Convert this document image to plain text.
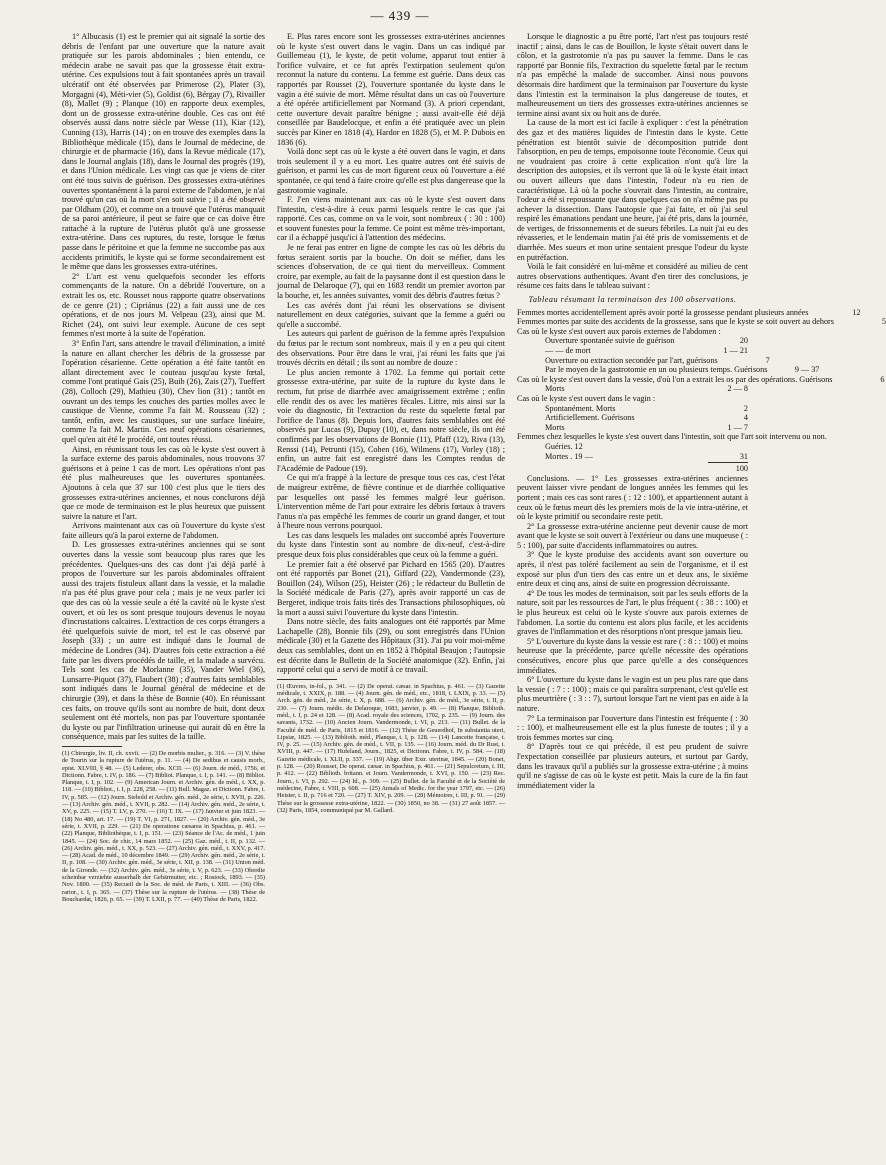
— 439 —

1° Albucasis (1) est le premier qui ait signalé la sortie des débris de l'enfant par une ouverture que la nature avait pratiquée sur les parois abdominales ; bien entendu, ce médecin arabe ne savait pas que la grossesse était extra-utérine. Ces expulsions tout à fait spontanées après un travail ulcératif ont été observées par Primerose (2), Plater (3), Morgagni (4), Méti-vier (5), Goldist (6), Bérgay (7), Rivailler (8), Mallet (9) ; Planque (10) en rapporte deux exemples, dont un de grossesse extra-utérine double. Ces cas ont été observés aussi dans notre siècle par Wesse (11), Kiar (12), Cunning (13), Harris (14) ; on en trouve des exemples dans la Bibliothèque médicale (15), dans le Journal de médecine, de chirurgie et de pharmacie (16), dans la Revue médicale (17), dans le Journal anglais (18), dans le Journal des progrès (19), et dans l'Union médicale. Les vingt cas que je viens de citer ont été tous suivis de guérison. Des grossesses extra-utérines ouvertes spontanément à la paroi externe de l'abdomen, je n'ai trouvé qu'un cas où la mort s'en soit suivie ; il a été observé par Oldham (20), et comme on a trouvé que l'utérus manquait de sa paroi antérieure, il peut se faire que ce cas doive être rattaché à la rupture de l'utérus plutôt qu'à une grossesse extra-utérine. Dans ces ruptures, du reste, lorsque le fœtus passe dans le péritoine et que la femme ne succombe pas aux accidents primitifs, le kyste qui se forme secondairement est le même que dans les grossesses extra-utérines.

2° L'art est venu quelquefois seconder les efforts commençants de la nature. On a débridé l'ouverture, on a extrait les os, etc. Rousset nous rapporte quatre observations de ce genre (21) ; Cipriánus (22) a fait aussi une de ces opérations, et de nos jours M. Velpeau (23), ainsi que M. Richet (24), ont suivi leur exemple. Aucune de ces sept femmes n'est morte à la suite de l'opération.

3° Enfin l'art, sans attendre le travail d'élimination, a imité la nature en allant chercher les débris de la grossesse par l'opération césarienne. Cette opération a été faite tantôt en allant directement avec le couteau jusqu'au kyste fœtal, comme l'ont pratiqué Gais (25), Buib (26), Zais (27), Tueffert (28), Colloch (29), Mathieu (30), Chev lion (31) ; tantôt en ouvrant un des temps les couches des parties molles avec le caustique de Vienne, comme l'a fait M. Rousseau (32) ; tantôt, enfin, avec les caustiques, sur une surface linéaire, comme l'a fait M. Martin. Ces neuf opérations césariennes, quel qu'en ait été le procédé, ont toutes réussi.

Ainsi, en réunissant tous les cas où le kyste s'est ouvert à la surface externe des parois abdominales, nous trouvons 37 guérisons et à peine 1 cas de mort. Les opérations n'ont pas été plus malheureuses que les ouvertures spontanées. Ajoutons à cela que 37 sur 100 c'est plus que le tiers des grossesses extra-utérines anciennes, et nous conclurons déjà que ce mode de terminaison est le plus heureux que puissent suivre la nature et l'art.

Arrivons maintenant aux cas où l'ouverture du kyste s'est faite ailleurs qu'à la paroi externe de l'abdomen.

D. Les grossesses extra-utérines anciennes qui se sont ouvertes dans la vessie sont beaucoup plus rares que les précédentes. Quelques-uns des cas dont j'ai déjà parlé à propos de l'ouverture sur les parois abdominales offraient aussi des trajets fistuleux allant dans la vessie, et la maladie n'a pas été plus grave pour cela ; mais je ne veux parler ici que des cas où la vessie seule a été la cavité où le kyste s'est ouvert, et où les os sont presque toujours devenus le noyau d'incrustations calcaires. L'extraction de ces corps étrangers a été quelquefois suivie de mort, tel est le cas observé par Joseph (33) ; un autre est indiqué dans le Journal de médecine de Londres (34). D'autres fois cette extraction a été faite par les divers procédés de taille, et la malade a survécu. Tels sont les cas de Morlanne (35), Vander Wiel (36), Lunsarre-Piquot (37), Flaubert (38) ; d'autres faits semblables sont indiqués dans le Journal général de médecine et de chirurgie (39), et dans la thèse de Bonnie (40). En réunissant ces faits, on trouve qu'ils sont au nombre de huit, dont deux seulement ont été mortels, non pas par l'ouverture spontanée du kyste ou par l'infiltration urineuse qui aurait dû en être la conséquence, mais par les suites de la taille.

(1) Chirurgie, liv. II, ch. xxvii. — (2) De morbis mulier., p. 316. — (3) V. thèse de Tourin sur la rupture de l'utérus, p. 11. — (4) De sedibus et causis morb., epist. XLVIII, § 48. — (5) Lederer, obs. XCII. — (6) Journ. de méd., 1756, et Dictionn. Fabre, t. IV, p. 186. — (7) Bibliot. Planque, t. I, p. 141. — (8) Bibliot. Planque, t. I, p. 102. — (9) American Journ. et Archiv. gén. de méd., t. XX, p. 118. — (10) Bibliot., t. I, p. 228, 258. — (11) Bull. Magaz. et Dictionn. Fabre, t. IV, p. 585. — (12) Journ. Siebold et Archiv. gén. méd., 2e série, t. XVII, p. 226. — (13) Archiv. gén. méd., t. XVII, p. 282. — (14) Archiv. gén. méd., 2e série, t. XV, p. 225. — (15) T. LV, p. 270. — (16) T. IX. — (17) Janvier et juin 1823. — (18) No 480, art. 17. — (19) T. VI, p. 271, 1827. — (20) Archiv. gén. méd., 3e série, t. XVII, p. 229. — (21) De operatione cæsarea in Spachius, p. 461. — (22) Planque, Bibliothèque, t. I, p. 151. — (23) Séance de l'Ac. de méd., 1 juin 1845. — (24) Soc. de chir., 14 mars 1852. — (25) Gaz. méd., t. II, p. 132. — (26) Archiv. gén. méd., t. XX, p. 523. — (27) Archiv. gén. méd., t. XXV, p. 417. — (28) Acad. de méd., 10 décembre 1849. — (29) Archiv. gén. méd., 2e série, t. II, p. 108. — (30) Archiv. gén. méd., 3e série, t. XII, p. 138. — (31) Union méd. de la Gironde. — (32) Archiv. gén. méd., 3e série, t. V, p. 623. — (33) Oberdie scheinbar verziehte ausserhalb der Gebärmutter, etc. ; Rostock, 1893. — (35) Nov. 1800. — (35) Recueil de la Soc. de méd. de Paris, t. XIII. — (36) Obs. rarior., t. I, p. 365. — (37) Thèse sur la rupture de l'utérus. — (38) Thèse de Bouchardat, 1826, p. 65. — (39) T. LXII, p. 77. — (40) Thèse de Paris, 1822.

E. Plus rares encore sont les grossesses extra-utérines anciennes où le kyste s'est ouvert dans le vagin. Dans un cas indiqué par Guillemeau (1), le kyste, de petit volume, apparut tout entier à l'orifice vulvaire, et ce fut après l'extirpation seulement qu'on reconnut la nature du contenu. La femme est guérie. Dans deux cas rapportés par Rousset (2), l'ouverture spontanée du kyste dans le vagin a été suivie de mort. Même résultat dans un cas où l'ouverture a été opérée artificiellement par Normand (3). A priori cependant, cette ouverture devait paraître bénigne ; aussi avait-elle été déjà conseillée par Baudelocque, et enfin a été pratiquée avec un plein succès par Kiner en 1818 (4), Hardor en 1828 (5), et M. P. Dubois en 1836 (6).

Voilà donc sept cas où le kyste a été ouvert dans le vagin, et dans trois seulement il y a eu mort. Les quatre autres ont été suivis de guérison, et parmi les cas de mort figurent ceux où l'ouverture a été spontanée, ce qui tend à faire croire qu'elle est plus dangereuse que la gastrotomie vaginale.

F. J'en viens maintenant aux cas où le kyste s'est ouvert dans l'intestin, c'est-à-dire à ceux parmi lesquels rentre le cas que j'ai rapporté. Ces cas, comme on va le voir, sont nombreux ( : 30 : 100) et souvent funestes pour la femme. Ce point est même très-important, car il a échappé jusqu'ici à l'attention des médecins.

Je ne ferai pas entrer en ligne de compte les cas où les débris du fœtus seraient sortis par la bouche. On doit se méfier, dans les sciences d'observation, de ce qui tient du merveilleux. Comment croire, par exemple, au fait de la paysanne dont il est question dans le journal de Delaroque (7), qui en 1683 rendit un premier avorton par la bouche, et, les années suivantes, vomit des débris d'autres fœtus ?

Les cas avérés dont j'ai réuni les observations se divisent naturellement en deux catégories, suivant que la femme a guéri ou qu'elle a succombé.

Les auteurs qui parlent de guérison de la femme après l'expulsion du fœtus par le rectum sont nombreux, mais il y en a peu qui citent des observations. Pour être dans le vrai, j'ai réuni les faits que j'ai trouvés décrits en détail ; ils sont au nombre de douze :

Le plus ancien remonte à 1702. La femme qui portait cette grossesse extra-utérine, par suite de la rupture du kyste dans le rectum, fut prise de diarrhée avec amaigrissement extrême ; enfin elle rendit des os avec les matières fécales. Littre, mis ainsi sur la voie du diagnostic, fit l'extraction du reste du squelette fœtal par l'orifice de l'anus (8). Depuis lors, d'autres faits semblables ont été observés par Lucas (9), Dupuy (10), et, dans notre siècle, ils ont été confirmés par les observations de Bonnie (11), Pfaff (12), Riva (13), Renssi (14), Petrunti (15), Cohen (16), Wilmens (17), Vorley (18) ; enfin, un autre fait est enregistré dans les Comptes rendus de l'Académie de Padoue (19).

Ce qui m'a frappé à la lecture de presque tous ces cas, c'est l'état de maigreur extrême, de fièvre continue et de diarrhée colliquative par lesquelles ont passé les femmes malgré leur guérison. L'intervention même de l'art pour extraire les débris fœtaux à travers l'anus n'a pas empêché les femmes de courir un grand danger, et tout à l'heure nous verrons pourquoi.

Les cas dans lesquels les malades ont succombé après l'ouverture du kyste dans l'intestin sont au nombre de dix-neuf, c'est-à-dire presque deux fois plus considérables que ceux où la femme a guéri.

Le premier fait a été observé par Pichard en 1565 (20). D'autres ont été rapportés par Bonet (21), Giffard (22), Vandermonde (23), Bouillon (24), Wilson (25), Heister (26) ; le rédacteur du Bulletin de la Société médicale de Paris (27), après avoir rapporté un cas de Bergeret, indique trois faits tirés des Transactions philosophiques, où la mort a aussi suivi l'ouverture du kyste dans l'intestin.

Dans notre siècle, des faits analogues ont été rapportés par Mme Lachapelle (28), Bonnie fils (29), ou sont enregistrés dans l'Union médicale (30) et la Gazette des Hôpitaux (31). J'ai pu voir moi-même deux cas semblables, dont un en 1852 à l'hôpital Beaujon ; l'autopsie est décrite dans le Bulletin de la Société anatomique (32). Enfin, j'ai rapporté celui qui a servi de motif à ce travail.

(1) Œuvres, in-fol., p. 341. — (2) De operat. cæsar. in Spachius, p. 461. — (3) Gazette médicale, t. XXIX, p. 188. — (4) Journ. gén. de méd., etc., 1818, t. LXIX, p. 33. — (5) Arch. gén. de méd., 2e série, t. X, p. 688. — (6) Archiv. gén. de méd., 3e série, t. II, p. 230. — (7) Journ. médic. de Delaroque, 1683, janvier, p. 49. — (8) Planque, Biblioth. méd., t. I, p. 24 et 128. — (8) Acad. royale des sciences, 1702, p. 235. — (9) Journ. des savants, 1732. — (10) Ancien Journ. Vandermonde, t. VI, p. 213. — (11) Bullet. de la Faculté de méd. de Paris, 1815 et 1816. — (12) Thèse de Geuerdhof, In substantia uteri, Lipsiæ, 1825. — (13) Biblioth. méd., Planque, t. I, p. 128. — (14) Lancette française, t. IV, p. 25. — (15) Archiv. gén. de méd., t. VII, p. 135. — (16) Journ. méd. du Dr Rust, t. XVIII, p. 447. — (17) Hufeland, Journ., 1825, et Dictionn. Fabre, t. IV, p. 584. — (18) Gazette médicale, t. XLII, p. 337. — (19) Abgr. über Extr. uterinæ, 1845. — (20) Bonet, p. 128. — (20) Rousset, De operat. cæsar. in Spachius, p. 461. — (21) Sepulcretum, t. III, p. 412. — (22) Biblioth. britann. et Journ. Vandermonde, t. XVI, p. 150. — (23) Rec. Journ., t. VI, p. 292. — (24) Id., p. 309. — (25) Bullet. de la Faculté et de la Société de médecine, Fabre, t. VIII, p. 608. — (25) Annals of Medic. for the year 1797, etc. — (26) Heister, t. II, p. 716 et 720. — (27) T. XIV, p. 209. — (28) Mémoires, t. III, p. 91. — (29) Thèse sur la grossesse extra-utérine, 1822. — (30) 1850, no 38. — (31) 27 août 1857. — (32) Paris, 1854, communiqué par M. Gallard.

Lorsque le diagnostic a pu être porté, l'art n'est pas toujours resté inactif ; ainsi, dans le cas de Bouillon, le kyste s'était ouvert dans le côlon, et la gastrotomie n'a pas pu sauver la femme. Dans le cas rapporté par Bonnie fils, l'extraction du squelette fœtal par le rectum n'a pas empêché la malade de succomber. Ainsi nous pouvons désormais dire hardiment que la terminaison par l'ouverture du kyste dans l'intestin est la terminaison la plus dangereuse de toutes, et malheureusement un tiers des grossesses extra-utérines anciennes se termine ainsi avant six ou huit ans de durée.

La cause de la mort est ici facile à expliquer : c'est la pénétration des gaz et des matières liquides de l'intestin dans le kyste. Cette pénétration est bientôt suivie de décomposition putride dont l'absorption, en peu de temps, empoisonne toute l'économie. Ceux qui ne voudraient pas croire à cette explication n'ont qu'à lire la description des autopsies, et ils verront que là où le kyste était intact ou ouvert ailleurs que dans l'intestin, l'odeur n'a eu rien de caractéristique. Là où la poche s'ouvrait dans l'intestin, au contraire, l'odeur a été si repoussante que dans quelques cas on n'a même pas pu achever la dissection. Dans l'autopsie que j'ai faite, et où j'ai seul respiré les émanations pendant une heure, j'ai été pris, dans la journée, de vertiges, de frissonnements et de sueurs fébriles. La nuit j'ai eu des révasseries, et le lendemain matin j'ai été pris de vomissements et de diarrhée. Mes sueurs et mon urine sentaient presque l'odeur du kyste en putréfaction.

Voilà le fait considéré en lui-même et considéré au milieu de cent autres observations authentiques. Avant d'en tirer des conclusions, je résume ces faits dans le tableau suivant :

Tableau résumant la terminaison des 100 observations.
Femmes mortes accidentellement après avoir porté la grossesse pendant plusieurs années	12
Femmes mortes par suite des accidents de la grossesse, sans que le kyste se soit ouvert au dehors	5
Cas où le kyste s'est ouvert aux parois externes de l'abdomen :
Ouverture spontanée suivie de guérison	20
— — de mort	1 — 21
Ouverture ou extraction secondée par l'art, guérisons	7
Par le moyen de la gastrotomie en un ou plusieurs temps. Guérisons	9 — 37
Cas où le kyste s'est ouvert dans la vessie, d'où l'on a extrait les os par des opérations. Guérisons	6
Morts	2 — 8
Cas où le kyste s'est ouvert dans le vagin :
Spontanément. Morts	2
Artificiellement. Guérisons	4
Morts	1 — 7
Femmes chez lesquelles le kyste s'est ouvert dans l'intestin, soit que l'art soit intervenu ou non.
Guéries. 12
Mortes . 19 —	31
100

Conclusions. — 1° Les grossesses extra-utérines anciennes peuvent laisser vivre pendant de longues années les femmes qui les portent ; mais ces cas sont rares ( : 12 : 100), et appartiennent autant à ceux où le fœtus meurt dès les premiers mois de la vie intra-utérine, et où le kyste primitif ou secondaire reste petit.

2° La grossesse extra-utérine ancienne peut devenir cause de mort avant que le kyste se soit ouvert à l'extérieur ou dans une muqueuse ( : 5 : 100), par suite d'accidents inflammatoires ou autres.

3° Que le kyste produise des accidents avant son ouverture ou après, il n'est pas toléré facilement au sein de l'organisme, et il est exposé sur plus d'un tiers des cas entre un et deux ans, le sixième entre deux et cinq ans, ainsi de suite en progression décroissante.

4° De tous les modes de terminaison, soit par les seuls efforts de la nature, soit par les ressources de l'art, le plus fréquent ( : 38 : : 100) et le plus heureux est celui où le kyste s'ouvre aux parois externes de l'abdomen. La sortie du contenu est alors plus facile, et les accidents graves de l'inflammation et des résorptions n'ont presque jamais lieu.

5° L'ouverture du kyste dans la vessie est rare ( : 8 : : 100) et moins heureuse que la précédente, parce qu'elle nécessite des opérations consécutives, encore plus que parce qu'elle a des conséquences immédiates.

6° L'ouverture du kyste dans le vagin est un peu plus rare que dans la vessie ( : 7 : : 100) ; mais ce qui paraîtra surprenant, c'est qu'elle est plus meurtrière ( : 3 : : 7), surtout lorsque l'art ne vient pas en aide à la nature.

7° La terminaison par l'ouverture dans l'intestin est fréquente ( : 30 : : 100), et malheureusement elle est la plus funeste de toutes ; il y a trois femmes mortes sur cinq.

8° D'après tout ce qui précède, il est peu prudent de suivre l'expectation conseillée par plusieurs auteurs, et surtout par Gardy, dans les travaux qu'il a publiés sur la grossesse extra-utérine ; à moins qu'il ne s'agisse de cas où le kyste est petit. Mais la cure de la fin faut immédiatement vider la
